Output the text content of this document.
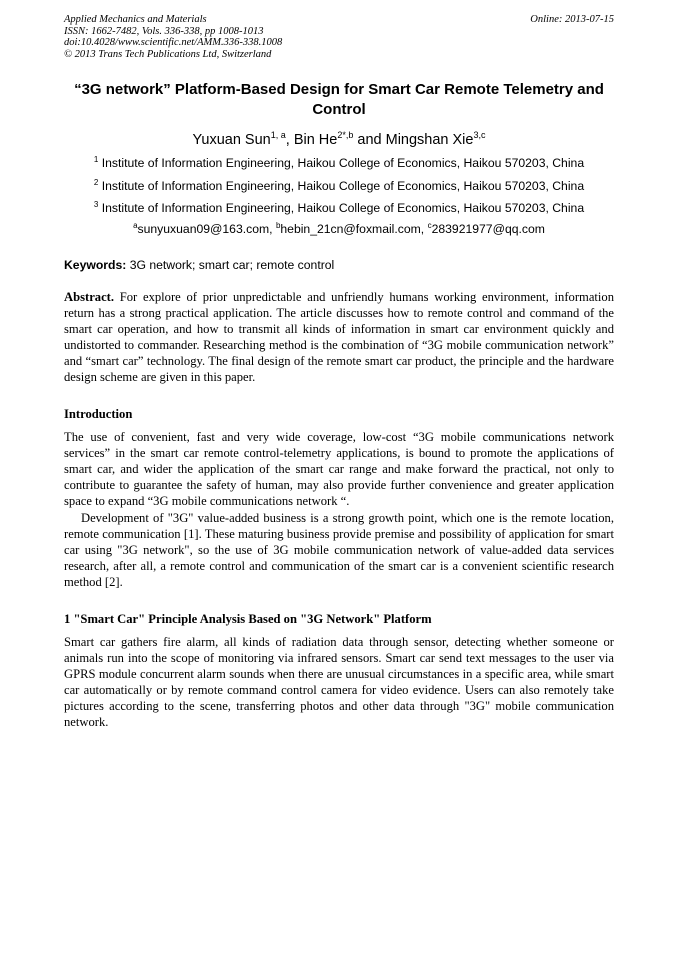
Applied Mechanics and Materials
ISSN: 1662-7482, Vols. 336-338, pp 1008-1013
doi:10.4028/www.scientific.net/AMM.336-338.1008
© 2013 Trans Tech Publications Ltd, Switzerland
Online: 2013-07-15
“3G network” Platform-Based Design for Smart Car Remote Telemetry and Control
Yuxuan Sun$^{1, a}$, Bin $He^{2*,b}$ and Mingshan Xie$^{3,c}$
$^1$ Institute of Information Engineering, Haikou College of Economics, Haikou 570203, China
$^2$ Institute of Information Engineering, Haikou College of Economics, Haikou 570203, China
$^3$ Institute of Information Engineering, Haikou College of Economics, Haikou 570203, China
$^a$sunyuxuan09@163.com, $^b$hebin_21cn@foxmail.com, $^c$283921977@qq.com
Keywords: 3G network; smart car; remote control

Abstract. For explore of prior unpredictable and unfriendly humans working environment, information return has a strong practical application. The article discusses how to remote control and command of the smart car operation, and how to transmit all kinds of information in smart car environment quickly and undistorted to commander. Researching method is the combination of “3G mobile communication network” and “smart car” technology. The final design of the remote smart car product, the principle and the hardware design scheme are given in this paper.

Introduction

The use of convenient, fast and very wide coverage, low-cost “3G mobile communications network services” in the smart car remote control-telemetry applications, is bound to promote the applications of smart car, and wider the application of the smart car range and make forward the practical, not only to contribute to guarantee the safety of human, may also provide further convenience and greater application space to expand “3G mobile communications network “.

Development of "3G" value-added business is a strong growth point, which one is the remote location, remote communication [1]. These maturing business provide premise and possibility of application for smart car using "3G network", so the use of 3G mobile communication network of value-added data services research, after all, a remote control and communication of the smart car is a convenient scientific research method [2].

1 "Smart Car" Principle Analysis Based on "3G Network" Platform

Smart car gathers fire alarm, all kinds of radiation data through sensor, detecting whether someone or animals run into the scope of monitoring via infrared sensors. Smart car send text messages to the user via GPRS module concurrent alarm sounds when there are unusual circumstances in a specific area, while smart car automatically or by remote command control camera for video evidence. Users can also remotely take pictures according to the scene, transferring photos and other data through "3G" mobile communication network.
